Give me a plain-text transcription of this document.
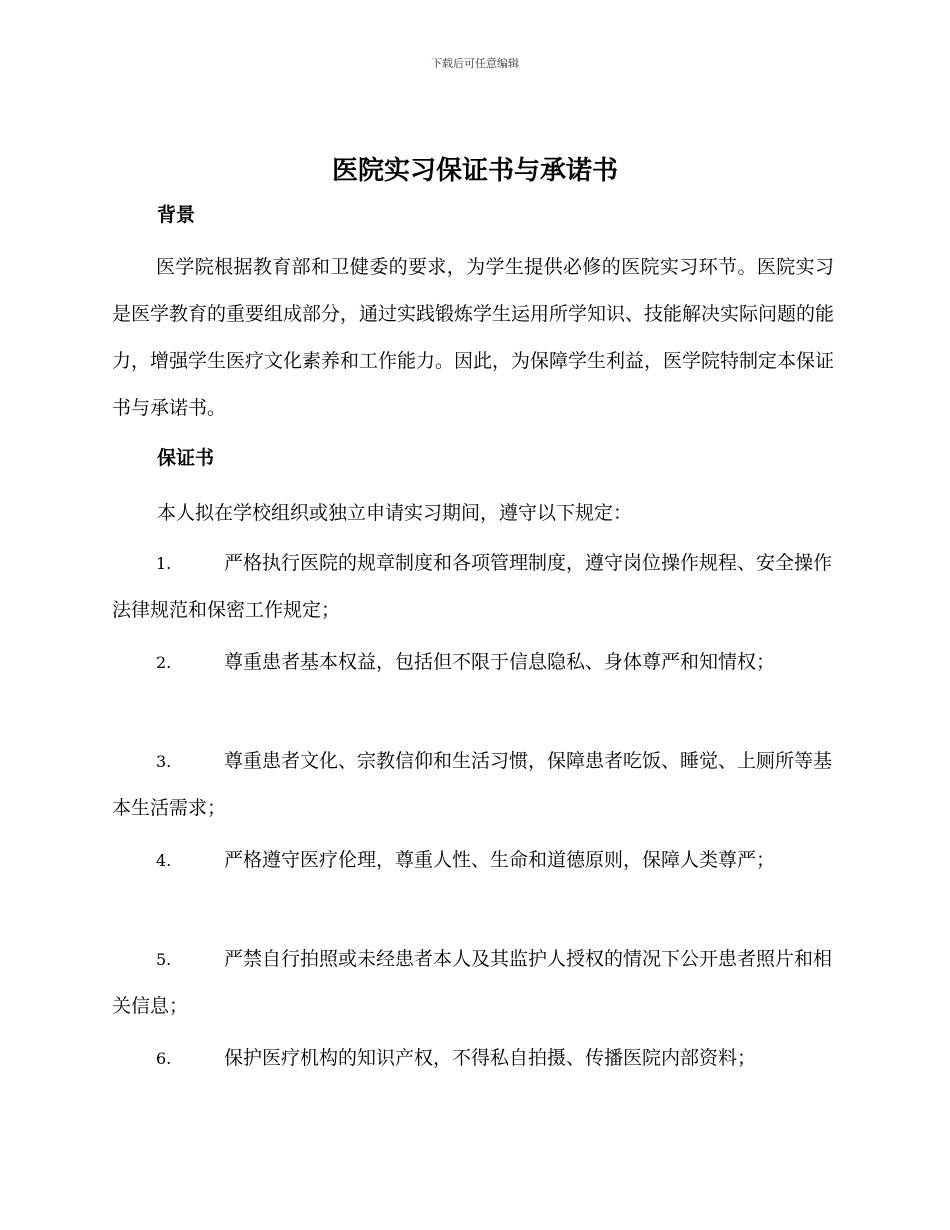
下载后可任意编辑
医院实习保证书与承诺书
背景
医学院根据教育部和卫健委的要求，为学生提供必修的医院实习环节。医院实习是医学教育的重要组成部分，通过实践锻炼学生运用所学知识、技能解决实际问题的能力，增强学生医疗文化素养和工作能力。因此，为保障学生利益，医学院特制定本保证书与承诺书。
保证书
本人拟在学校组织或独立申请实习期间，遵守以下规定：
1.	严格执行医院的规章制度和各项管理制度，遵守岗位操作规程、安全操作法律规范和保密工作规定；
2.	尊重患者基本权益，包括但不限于信息隐私、身体尊严和知情权；
3.	尊重患者文化、宗教信仰和生活习惯，保障患者吃饭、睡觉、上厕所等基本生活需求；
4.	严格遵守医疗伦理，尊重人性、生命和道德原则，保障人类尊严；
5.	严禁自行拍照或未经患者本人及其监护人授权的情况下公开患者照片和相关信息；
6.	保护医疗机构的知识产权，不得私自拍摄、传播医院内部资料；
